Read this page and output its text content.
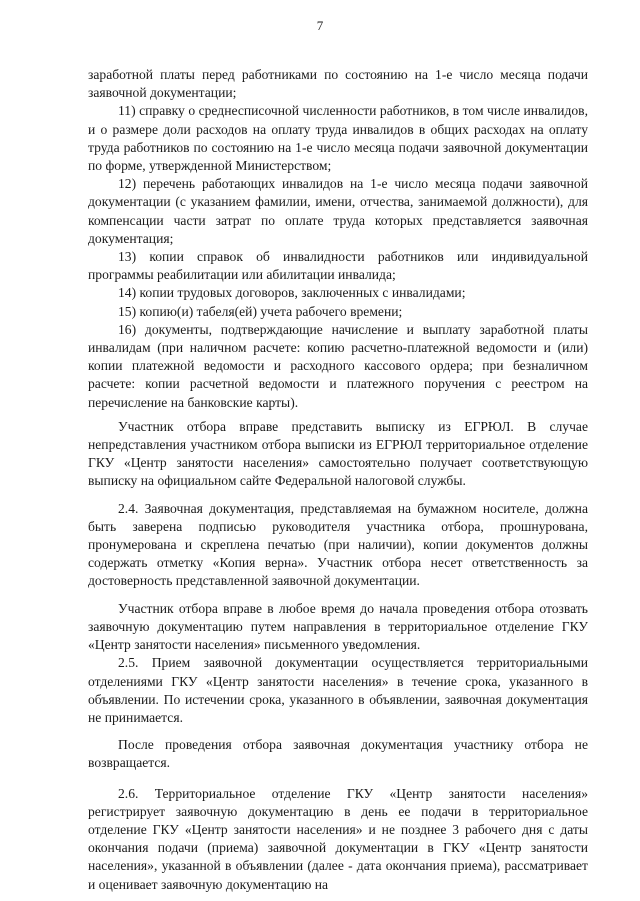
7

заработной платы перед работниками по состоянию на 1-е число месяца подачи заявочной документации;

11) справку о среднесписочной численности работников, в том числе инвалидов, и о размере доли расходов на оплату труда инвалидов в общих расходах на оплату труда работников по состоянию на 1-е число месяца подачи заявочной документации по форме, утвержденной Министерством;

12) перечень работающих инвалидов на 1-е число месяца подачи заявочной документации (с указанием фамилии, имени, отчества, занимаемой должности), для компенсации части затрат по оплате труда которых представляется заявочная документация;

13) копии справок об инвалидности работников или индивидуальной программы реабилитации или абилитации инвалида;

14) копии трудовых договоров, заключенных с инвалидами;

15) копию(и) табеля(ей) учета рабочего времени;

16) документы, подтверждающие начисление и выплату заработной платы инвалидам (при наличном расчете: копию расчетно-платежной ведомости и (или) копии платежной ведомости и расходного кассового ордера; при безналичном расчете: копии расчетной ведомости и платежного поручения с реестром на перечисление на банковские карты).

Участник отбора вправе представить выписку из ЕГРЮЛ. В случае непредставления участником отбора выписки из ЕГРЮЛ территориальное отделение ГКУ «Центр занятости населения» самостоятельно получает соответствующую выписку на официальном сайте Федеральной налоговой службы.

2.4. Заявочная документация, представляемая на бумажном носителе, должна быть заверена подписью руководителя участника отбора, прошнурована, пронумерована и скреплена печатью (при наличии), копии документов должны содержать отметку «Копия верна». Участник отбора несет ответственность за достоверность представленной заявочной документации.

Участник отбора вправе в любое время до начала проведения отбора отозвать заявочную документацию путем направления в территориальное отделение ГКУ «Центр занятости населения» письменного уведомления.

2.5. Прием заявочной документации осуществляется территориальными отделениями ГКУ «Центр занятости населения» в течение срока, указанного в объявлении. По истечении срока, указанного в объявлении, заявочная документация не принимается.

После проведения отбора заявочная документация участнику отбора не возвращается.

2.6. Территориальное отделение ГКУ «Центр занятости населения» регистрирует заявочную документацию в день ее подачи в территориальное отделение ГКУ «Центр занятости населения» и не позднее 3 рабочего дня с даты окончания подачи (приема) заявочной документации в ГКУ «Центр занятости населения», указанной в объявлении (далее - дата окончания приема), рассматривает и оценивает заявочную документацию на
